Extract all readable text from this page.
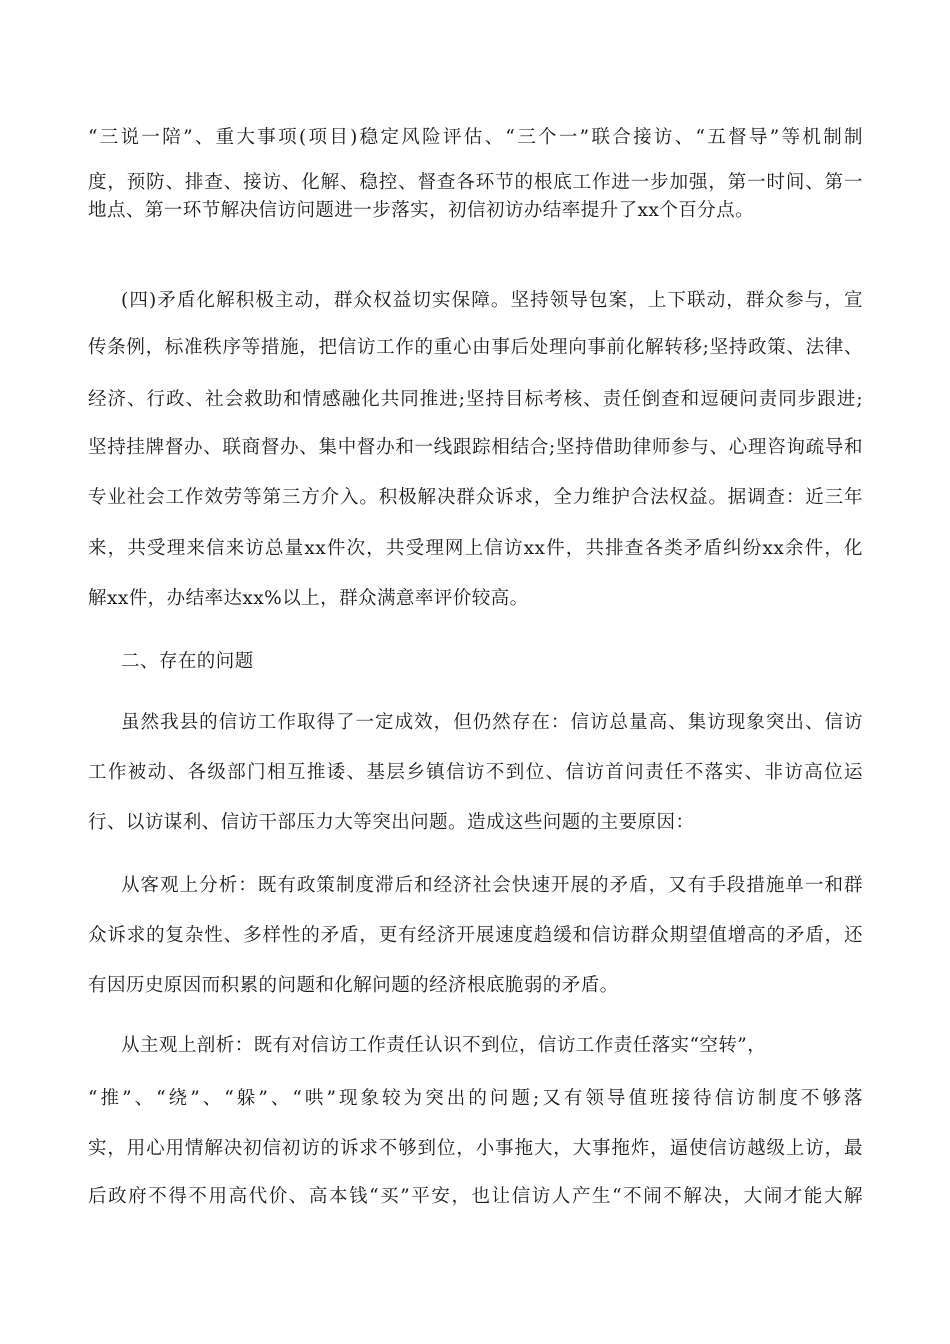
“三说一陪”、重大事项(项目)稳定风险评估、“三个一”联合接访、“五督导”等机制制
度，预防、排查、接访、化解、稳控、督查各环节的根底工作进一步加强，第一时间、第一
地点、第一环节解决信访问题进一步落实，初信初访办结率提升了xx个百分点。
(四)矛盾化解积极主动，群众权益切实保障。坚持领导包案，上下联动，群众参与，宣
传条例，标准秩序等措施，把信访工作的重心由事后处理向事前化解转移;坚持政策、法律、
经济、行政、社会救助和情感融化共同推进;坚持目标考核、责任倒查和逗硬问责同步跟进;
坚持挂牌督办、联商督办、集中督办和一线跟踪相结合;坚持借助律师参与、心理咨询疏导和
专业社会工作效劳等第三方介入。积极解决群众诉求，全力维护合法权益。据调查：近三年
来，共受理来信来访总量xx件次，共受理网上信访xx件，共排查各类矛盾纠纷xx余件，化
解xx件，办结率达xx%以上，群众满意率评价较高。
二、存在的问题
虽然我县的信访工作取得了一定成效，但仍然存在：信访总量高、集访现象突出、信访
工作被动、各级部门相互推诿、基层乡镇信访不到位、信访首问责任不落实、非访高位运
行、以访谋利、信访干部压力大等突出问题。造成这些问题的主要原因：
从客观上分析：既有政策制度滞后和经济社会快速开展的矛盾，又有手段措施单一和群
众诉求的复杂性、多样性的矛盾，更有经济开展速度趋缓和信访群众期望值增高的矛盾，还
有因历史原因而积累的问题和化解问题的经济根底脆弱的矛盾。
从主观上剖析：既有对信访工作责任认识不到位，信访工作责任落实“空转”，
“推”、“绕”、“躲”、“哄”现象较为突出的问题;又有领导值班接待信访制度不够落
实，用心用情解决初信初访的诉求不够到位，小事拖大，大事拖炸，逼使信访越级上访，最
后政府不得不用高代价、高本钱“买”平安，也让信访人产生“不闹不解决，大闹才能大解
